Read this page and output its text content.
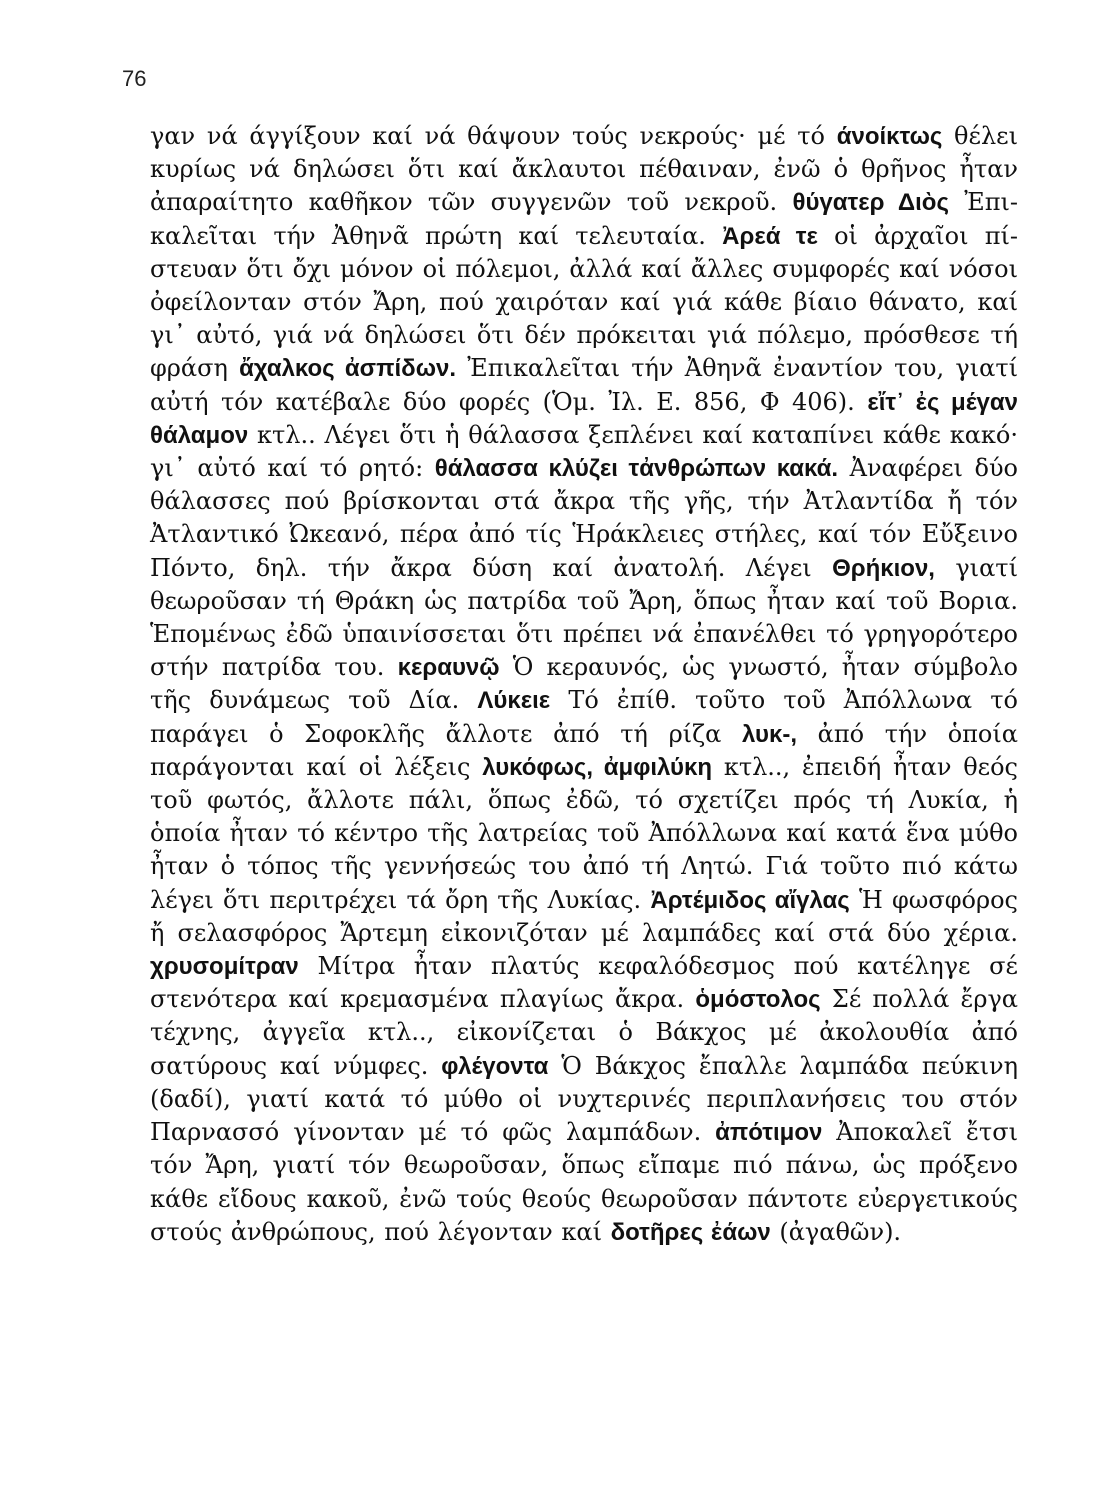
76
γαν νά άγγίξουν καί νά θάψουν τούς νεκρούς· μέ τό άνοίκτως θέλει κυρίως νά δηλώσει ὅτι καί ἄκλαυτοι πέθαιναν, ἐνῶ ὁ θρῆνος ἦταν ἀπαραίτητο καθῆκον τῶν συγγενῶν τοῦ νεκροῦ. θύγατερ Διὸς Ἐπικαλεῖται τήν Ἀθηνᾶ πρώτη καί τελευταία. Ἀρεά τε οἱ ἀρχαῖοι πίστευαν ὅτι ὄχι μόνον οἱ πόλεμοι, ἀλλά καί ἄλλες συμφορές καί νόσοι ὀφείλονταν στόν Ἄρη, πού χαιρόταν καί γιά κάθε βίαιο θάνατο, καί γι᾽ αὐτό, γιά νά δηλώσει ὅτι δέν πρόκειται γιά πόλεμο, πρόσθεσε τή φράση ἄχαλκος ἀσπίδων. Ἐπικαλεῖται τήν Ἀθηνᾶ ἐναντίον του, γιατί αὐτή τόν κατέβαλε δύο φορές (Ὁμ. Ἰλ. Ε. 856, Φ 406). εἴτ᾽ ἐς μέγαν θάλαμον κτλ.. Λέγει ὅτι ἡ θάλασσα ξεπλένει καί καταπίνει κάθε κακό· γι᾽ αὐτό καί τό ρητό: θάλασσα κλύζει τἀνθρώπων κακά. Ἀναφέρει δύο θάλασσες πού βρίσκονται στά ἄκρα τῆς γῆς, τήν Ἀτλαντίδα ἤ τόν Ἀτλαντικό Ὠκεανό, πέρα ἀπό τίς Ἡράκλειες στήλες, καί τόν Εὔξεινο Πόντο, δηλ. τήν ἄκρα δύση καί ἀνατολή. Λέγει Θρήκιον, γιατί θεωροῦσαν τή Θράκη ὡς πατρίδα τοῦ Ἄρη, ὅπως ἦταν καί τοῦ Βορια. Ἑπομένως ἐδῶ ὑπαινίσσεται ὅτι πρέπει νά ἐπανέλθει τό γρηγορότερο στήν πατρίδα του. κεραυνῷ Ὁ κεραυνός, ὡς γνωστό, ἦταν σύμβολο τῆς δυνάμεως τοῦ Δία. Λύκειε Τό ἐπίθ. τοῦτο τοῦ Ἀπόλλωνα τό παράγει ὁ Σοφοκλῆς ἄλλοτε ἀπό τή ρίζα λυκ-, ἀπό τήν ὁποία παράγονται καί οἱ λέξεις λυκόφως, ἀμφιλύκη κτλ.., ἐπειδή ἦταν θεός τοῦ φωτός, ἄλλοτε πάλι, ὅπως ἐδῶ, τό σχετίζει πρός τή Λυκία, ἡ ὁποία ἦταν τό κέντρο τῆς λατρείας τοῦ Ἀπόλλωνα καί κατά ἕνα μύθο ἦταν ὁ τόπος τῆς γεννήσεώς του ἀπό τή Λητώ. Γιά τοῦτο πιό κάτω λέγει ὅτι περιτρέχει τά ὄρη τῆς Λυκίας. Ἀρτέμιδος αἴγλας Ἡ φωσφόρος ἤ σελασφόρος Ἄρτεμη εἰκονιζόταν μέ λαμπάδες καί στά δύο χέρια. χρυσομίτραν Μίτρα ἦταν πλατύς κεφαλόδεσμος πού κατέληγε σέ στενότερα καί κρεμασμένα πλαγίως ἄκρα. ὁμόστολος Σέ πολλά ἔργα τέχνης, ἀγγεῖα κτλ.., εἰκονίζεται ὁ Βάκχος μέ ἀκολουθία ἀπό σατύρους καί νύμφες. φλέγοντα Ὁ Βάκχος ἔπαλλε λαμπάδα πεύκινη (δαδί), γιατί κατά τό μύθο οἱ νυχτερινές περιπλανήσεις του στόν Παρνασσό γίνονταν μέ τό φῶς λαμπάδων. ἀπότιμον Ἀποκαλεῖ ἔτσι τόν Ἄρη, γιατί τόν θεωροῦσαν, ὅπως εἴπαμε πιό πάνω, ὡς πρόξενο κάθε εἴδους κακοῦ, ἐνῶ τούς θεούς θεωροῦσαν πάντοτε εὐεργετικούς στούς ἀνθρώπους, πού λέγονταν καί δοτῆρες ἐάων (ἀγαθῶν).
